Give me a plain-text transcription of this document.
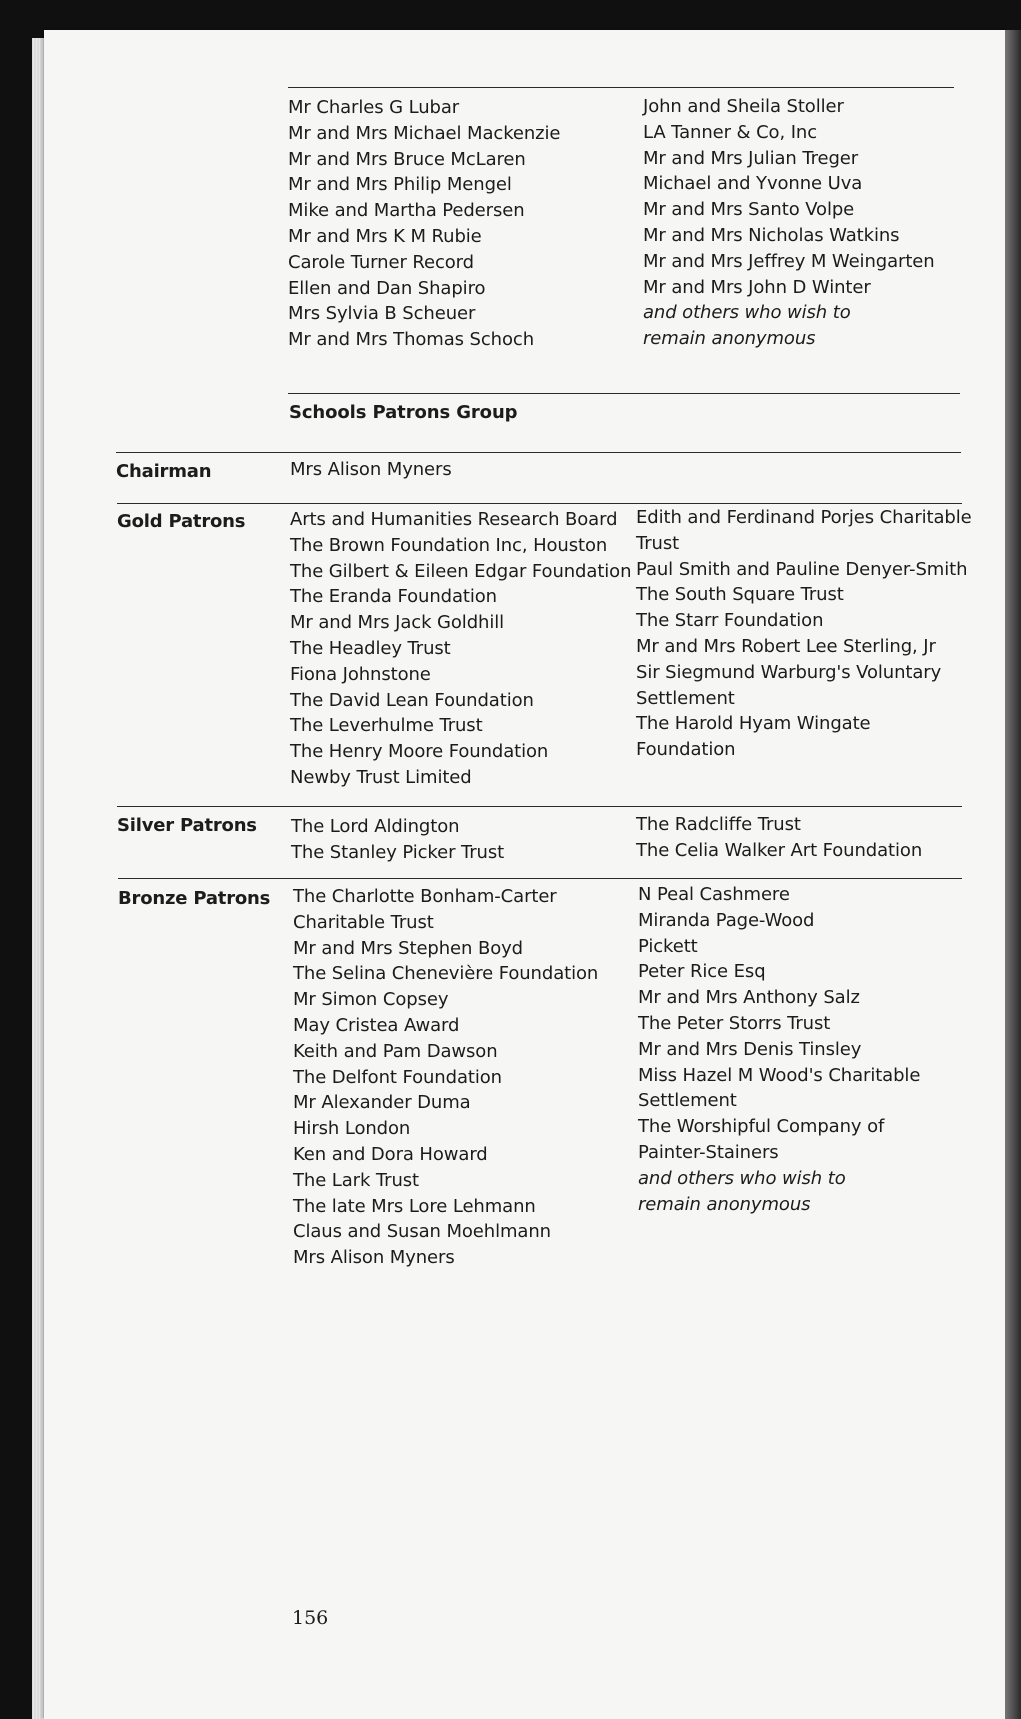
Mr Charles G Lubar
Mr and Mrs Michael Mackenzie
Mr and Mrs Bruce McLaren
Mr and Mrs Philip Mengel
Mike and Martha Pedersen
Mr and Mrs K M Rubie
Carole Turner Record
Ellen and Dan Shapiro
Mrs Sylvia B Scheuer
Mr and Mrs Thomas Schoch
John and Sheila Stoller
LA Tanner & Co, Inc
Mr and Mrs Julian Treger
Michael and Yvonne Uva
Mr and Mrs Santo Volpe
Mr and Mrs Nicholas Watkins
Mr and Mrs Jeffrey M Weingarten
Mr and Mrs John D Winter
and others who wish to
remain anonymous
Schools Patrons Group
Chairman	Mrs Alison Myners
Gold Patrons Arts and Humanities Research Board
The Brown Foundation Inc, Houston
The Gilbert & Eileen Edgar Foundation
The Eranda Foundation
Mr and Mrs Jack Goldhill
The Headley Trust
Fiona Johnstone
The David Lean Foundation
The Leverhulme Trust
The Henry Moore Foundation
Newby Trust Limited
Edith and Ferdinand Porjes Charitable
Trust
Paul Smith and Pauline Denyer-Smith
The South Square Trust
The Starr Foundation
Mr and Mrs Robert Lee Sterling, Jr
Sir Siegmund Warburg's Voluntary
Settlement
The Harold Hyam Wingate
Foundation
Silver Patrons The Lord Aldington
The Stanley Picker Trust
The Radcliffe Trust
The Celia Walker Art Foundation
Bronze Patrons The Charlotte Bonham-Carter
Charitable Trust
Mr and Mrs Stephen Boyd
The Selina Chenevière Foundation
Mr Simon Copsey
May Cristea Award
Keith and Pam Dawson
The Delfont Foundation
Mr Alexander Duma
Hirsh London
Ken and Dora Howard
The Lark Trust
The late Mrs Lore Lehmann
Claus and Susan Moehlmann
Mrs Alison Myners
N Peal Cashmere
Miranda Page-Wood
Pickett
Peter Rice Esq
Mr and Mrs Anthony Salz
The Peter Storrs Trust
Mr and Mrs Denis Tinsley
Miss Hazel M Wood's Charitable
Settlement
The Worshipful Company of
Painter-Stainers
and others who wish to
remain anonymous
156
